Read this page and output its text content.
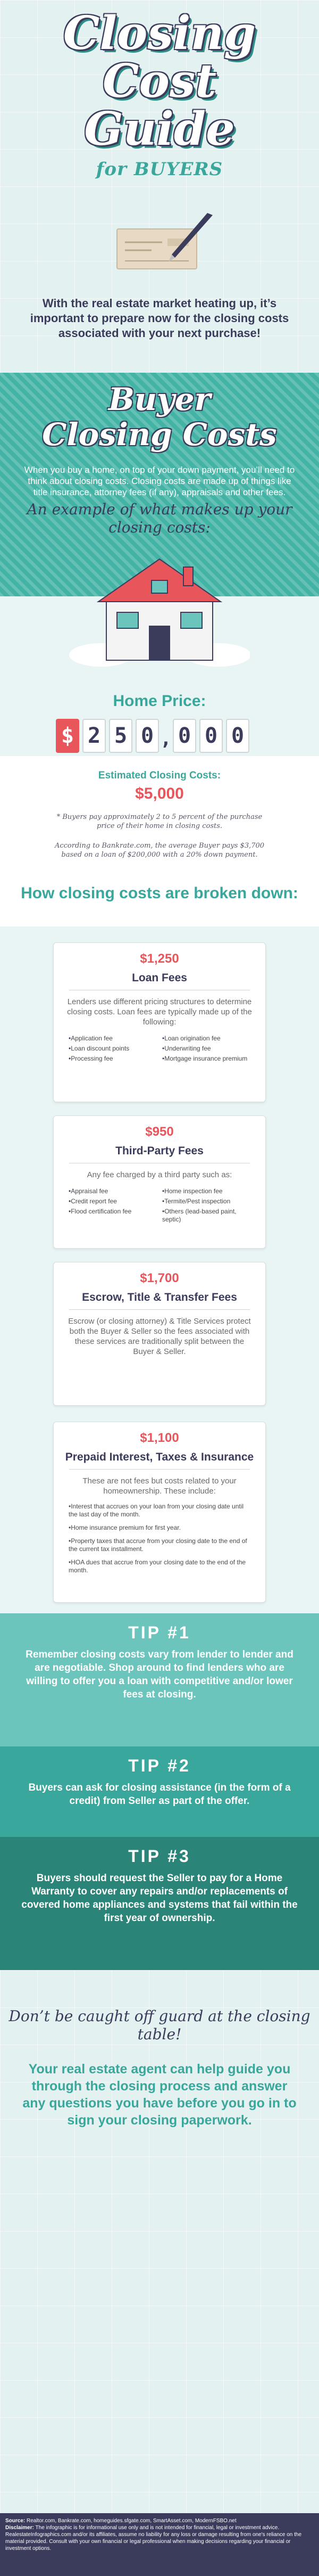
Closing
Cost
Guide
for BUYERS
With the real estate market heating up, it’s important to prepare now for the closing costs associated with your next purchase!
Buyer
Closing Costs
When you buy a home, on top of your down payment, you’ll need to think about closing costs. Closing costs are made up of things like title insurance, attorney fees (if any), appraisals and other fees.
An example of what makes up your closing costs:
Home Price:
$ 2 5 0 , 0 0 0
Estimated Closing Costs:
$5,000
* Buyers pay approximately 2 to 5 percent of the purchase price of their home in closing costs.
According to Bankrate.com, the average Buyer pays $3,700 based on a loan of $200,000 with a 20% down payment.
How closing costs are broken down:
$1,250
Loan Fees
Lenders use different pricing structures to determine closing costs. Loan fees are typically made up of the following:
• Application fee	• Loan origination fee
• Loan discount points	• Underwriting fee
• Processing fee	• Mortgage insurance premium
$950
Third-Party Fees
Any fee charged by a third party such as:
• Appraisal fee	• Home inspection fee
• Credit report fee	• Termite/Pest inspection
• Flood certification fee	• Others (lead-based paint, septic)
$1,700
Escrow, Title & Transfer Fees
Escrow (or closing attorney) & Title Services protect both the Buyer & Seller so the fees associated with these services are traditionally split between the Buyer & Seller.
$1,100
Prepaid Interest, Taxes & Insurance
These are not fees but costs related to your homeownership. These include:
• Interest that accrues on your loan from your closing date until the last day of the month.
• Home insurance premium for first year.
• Property taxes that accrue from your closing date to the end of the current tax installment.
• HOA dues that accrue from your closing date to the end of the month.
TIP #1
Remember closing costs vary from lender to lender and are negotiable. Shop around to find lenders who are willing to offer you a loan with competitive and/or lower fees at closing.
TIP #2
Buyers can ask for closing assistance (in the form of a credit) from Seller as part of the offer.
TIP #3
Buyers should request the Seller to pay for a Home Warranty to cover any repairs and/or replacements of covered home appliances and systems that fail within the first year of ownership.
Don’t be caught off guard at the closing table!
Your real estate agent can help guide you through the closing process and answer any questions you have before you go in to sign your closing paperwork.
Source: Realtor.com, Bankrate.com, homeguides.sfgate.com, SmartAsset.com, ModernFSBO.net
Disclaimer: The infographic is for informational use only and is not intended for financial, legal or investment advice. RealestateInfographics.com and/or its affiliates, assume no liability for any loss or damage resulting from one's reliance on the material provided. Consult with your own financial or legal professional when making decisions regarding your financial or investment options.
